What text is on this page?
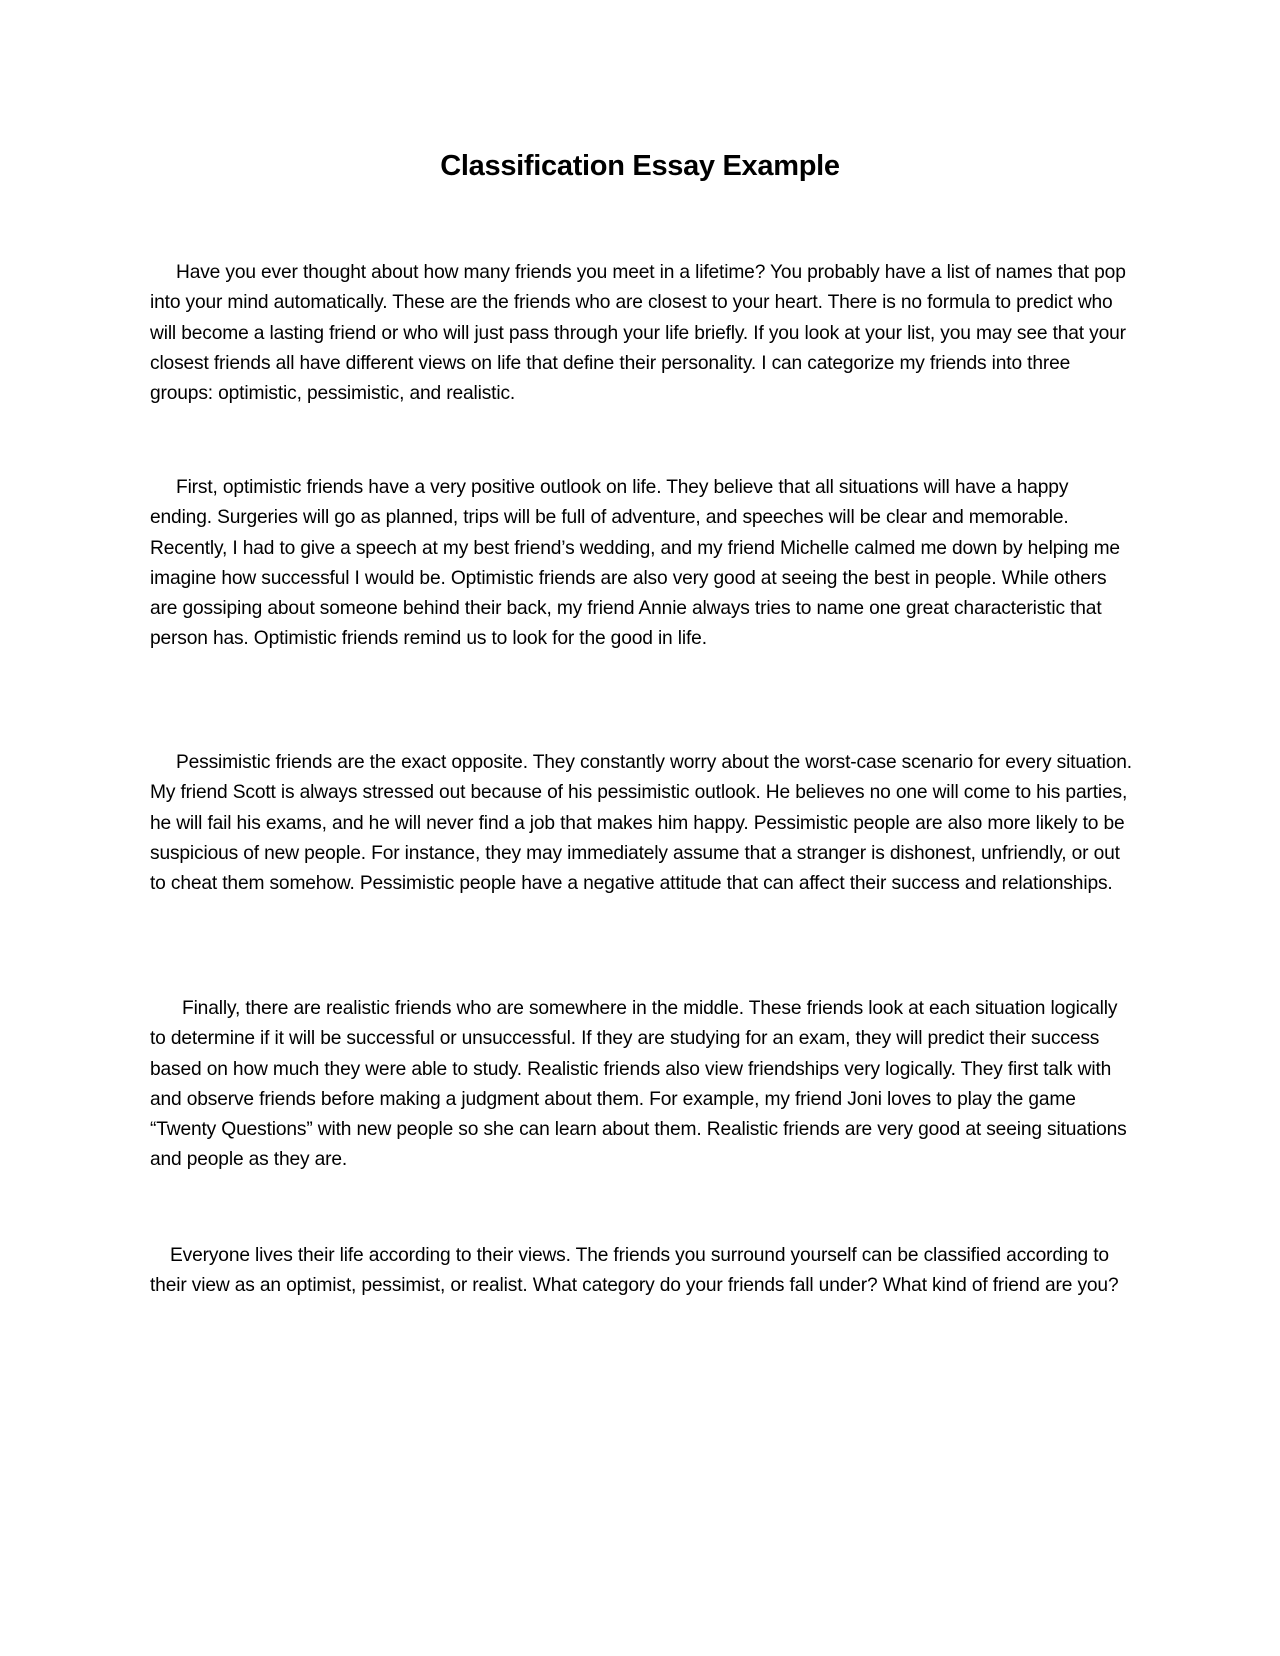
Classification Essay Example

Have you ever thought about how many friends you meet in a lifetime? You probably have a list of names that pop into your mind automatically. These are the friends who are closest to your heart. There is no formula to predict who will become a lasting friend or who will just pass through your life briefly. If you look at your list, you may see that your closest friends all have different views on life that define their personality. I can categorize my friends into three groups: optimistic, pessimistic, and realistic.

First, optimistic friends have a very positive outlook on life. They believe that all situations will have a happy ending. Surgeries will go as planned, trips will be full of adventure, and speeches will be clear and memorable. Recently, I had to give a speech at my best friend’s wedding, and my friend Michelle calmed me down by helping me imagine how successful I would be. Optimistic friends are also very good at seeing the best in people. While others are gossiping about someone behind their back, my friend Annie always tries to name one great characteristic that person has. Optimistic friends remind us to look for the good in life.

Pessimistic friends are the exact opposite. They constantly worry about the worst-case scenario for every situation. My friend Scott is always stressed out because of his pessimistic outlook. He believes no one will come to his parties, he will fail his exams, and he will never find a job that makes him happy. Pessimistic people are also more likely to be suspicious of new people. For instance, they may immediately assume that a stranger is dishonest, unfriendly, or out to cheat them somehow. Pessimistic people have a negative attitude that can affect their success and relationships.

Finally, there are realistic friends who are somewhere in the middle. These friends look at each situation logically to determine if it will be successful or unsuccessful. If they are studying for an exam, they will predict their success based on how much they were able to study. Realistic friends also view friendships very logically. They first talk with and observe friends before making a judgment about them. For example, my friend Joni loves to play the game “Twenty Questions” with new people so she can learn about them. Realistic friends are very good at seeing situations and people as they are.

Everyone lives their life according to their views. The friends you surround yourself can be classified according to their view as an optimist, pessimist, or realist. What category do your friends fall under? What kind of friend are you?
